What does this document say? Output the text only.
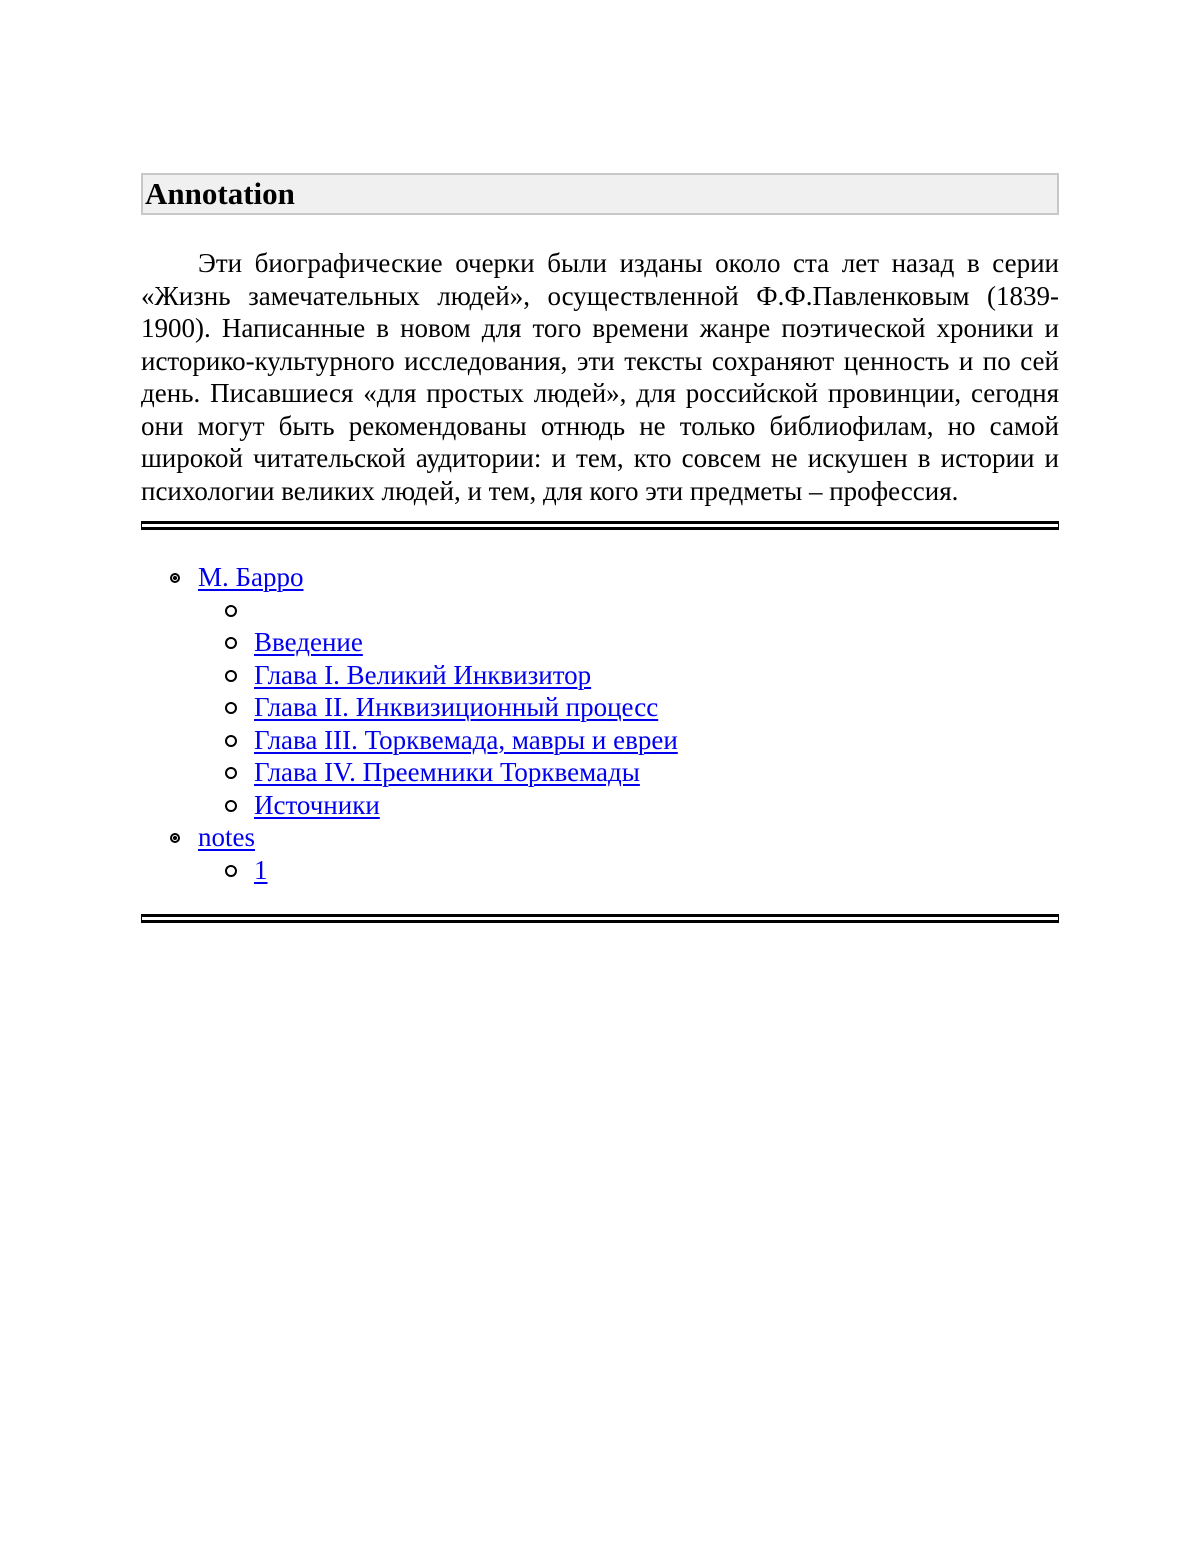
Annotation

Эти биографические очерки были изданы около ста лет назад в серии «Жизнь замечательных людей», осуществленной Ф.Ф.Павленковым (1839-1900). Написанные в новом для того времени жанре поэтической хроники и историко-культурного исследования, эти тексты сохраняют ценность и по сей день. Писавшиеся «для простых людей», для российской провинции, сегодня они могут быть рекомендованы отнюдь не только библиофилам, но самой широкой читательской аудитории: и тем, кто совсем не искушен в истории и психологии великих людей, и тем, для кого эти предметы – профессия.

М. Барро
Введение
Глава I. Великий Инквизитор
Глава II. Инквизиционный процесс
Глава III. Торквемада, мавры и евреи
Глава IV. Преемники Торквемады
Источники
notes
1
